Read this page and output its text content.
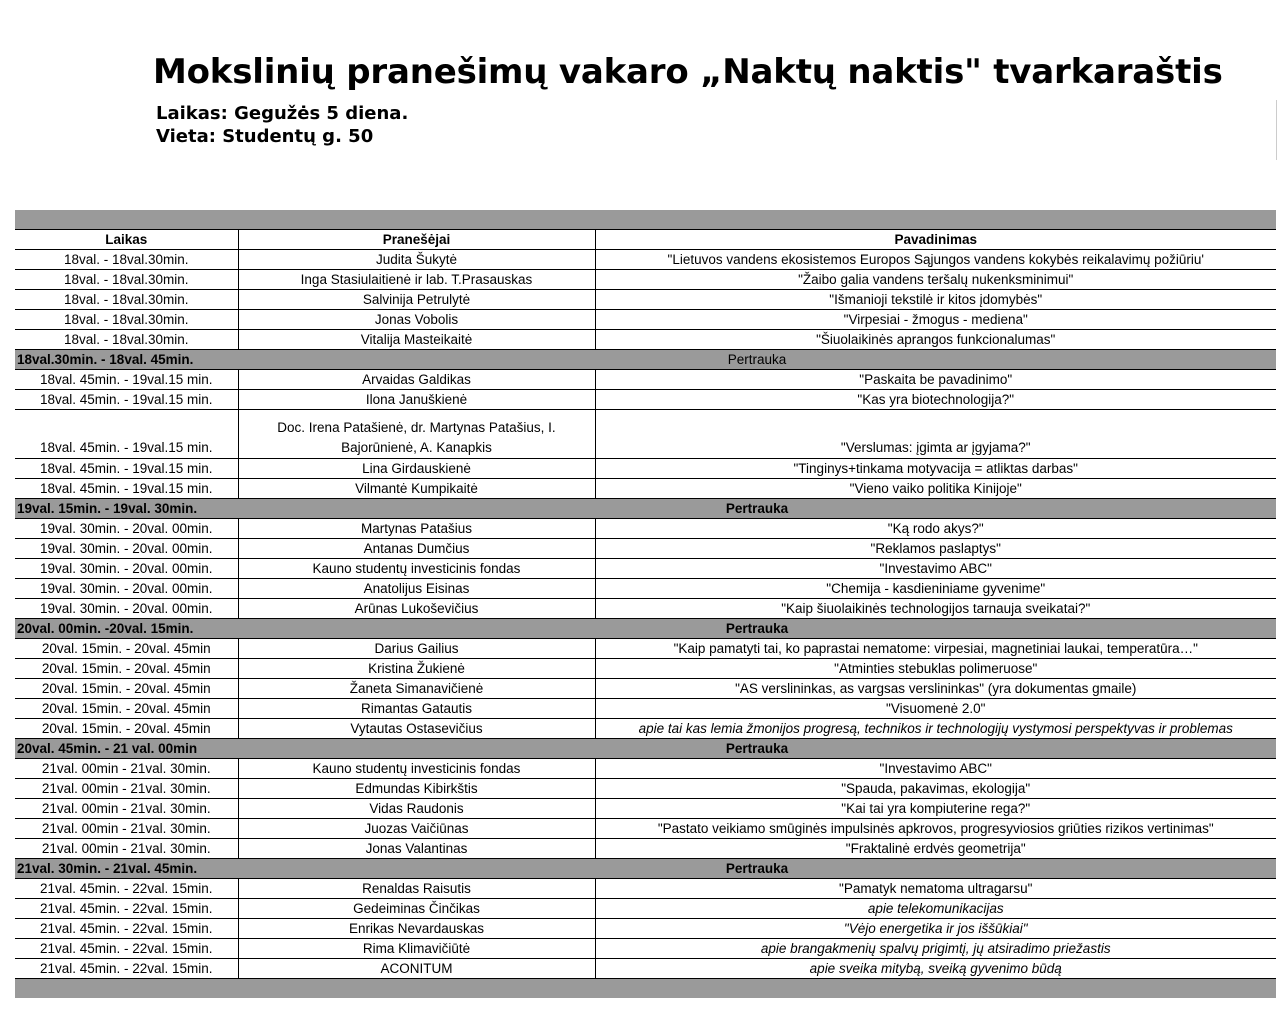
Mokslinių pranešimų vakaro „Naktų naktis" tvarkaraštis
Laikas: Gegužės 5 diena.
Vieta: Studentų g. 50
Laikas	Pranešėjai	Pavadinimas
18val. - 18val.30min.	Judita Šukytė	"Lietuvos vandens ekosistemos Europos Sąjungos vandens kokybės reikalavimų požiūriu'
18val. - 18val.30min.	Inga Stasiulaitienė ir lab. T.Prasauskas	"Žaibo galia vandens teršalų nukenksminimui"
18val. - 18val.30min.	Salvinija Petrulytė	"Išmanioji tekstilė ir kitos įdomybės"
18val. - 18val.30min.	Jonas Vobolis	"Virpesiai - žmogus - mediena"
18val. - 18val.30min.	Vitalija Masteikaitė	"Šiuolaikinės aprangos funkcionalumas"
18val.30min. - 18val. 45min.	Pertrauka	
18val. 45min. - 19val.15 min.	Arvaidas Galdikas	"Paskaita be pavadinimo"
18val. 45min. - 19val.15 min.	Ilona Januškienė	"Kas yra biotechnologija?"
18val. 45min. - 19val.15 min.	Doc. Irena Patašienė, dr. Martynas Patašius, I. Bajorūnienė, A. Kanapkis	"Verslumas: įgimta ar įgyjama?"
18val. 45min. - 19val.15 min.	Lina Girdauskienė	"Tinginys+tinkama motyvacija = atliktas darbas"
18val. 45min. - 19val.15 min.	Vilmantė Kumpikaitė	"Vieno vaiko politika Kinijoje"
19val. 15min. - 19val. 30min.	Pertrauka	
19val. 30min. - 20val. 00min.	Martynas Patašius	"Ką rodo akys?"
19val. 30min. - 20val. 00min.	Antanas Dumčius	"Reklamos paslaptys"
19val. 30min. - 20val. 00min.	Kauno studentų investicinis fondas	"Investavimo ABC"
19val. 30min. - 20val. 00min.	Anatolijus Eisinas	"Chemija - kasdieniniame gyvenime"
19val. 30min. - 20val. 00min.	Arūnas Lukoševičius	"Kaip šiuolaikinės technologijos tarnauja sveikatai?"
20val. 00min. -20val. 15min.	Pertrauka	
20val. 15min. - 20val. 45min	Darius Gailius	"Kaip pamatyti tai, ko paprastai nematome: virpesiai, magnetiniai laukai, temperatūra…"
20val. 15min. - 20val. 45min	Kristina Žukienė	"Atminties stebuklas polimeruose"
20val. 15min. - 20val. 45min	Žaneta Simanavičienė	"AS verslininkas, as vargsas verslininkas" (yra dokumentas gmaile)
20val. 15min. - 20val. 45min	Rimantas Gatautis	"Visuomenė 2.0"
20val. 15min. - 20val. 45min	Vytautas Ostasevičius	apie tai kas lemia žmonijos progresą, technikos ir technologijų vystymosi perspektyvas ir problemas
20val. 45min. - 21 val. 00min	Pertrauka	
21val. 00min - 21val. 30min.	Kauno studentų investicinis fondas	"Investavimo ABC"
21val. 00min - 21val. 30min.	Edmundas Kibirkštis	"Spauda, pakavimas, ekologija"
21val. 00min - 21val. 30min.	Vidas Raudonis	"Kai tai yra kompiuterine rega?"
21val. 00min - 21val. 30min.	Juozas Vaičiūnas	"Pastato veikiamo smūginės impulsinės apkrovos, progresyviosios griūties rizikos vertinimas"
21val. 00min - 21val. 30min.	Jonas Valantinas	"Fraktalinė erdvės geometrija"
21val. 30min. - 21val. 45min.	Pertrauka	
21val. 45min. - 22val. 15min.	Renaldas Raisutis	"Pamatyk nematoma ultragarsu"
21val. 45min. - 22val. 15min.	Gedeiminas Činčikas	apie telekomunikacijas
21val. 45min. - 22val. 15min.	Enrikas Nevardauskas	"Vėjo energetika ir jos iššūkiai"
21val. 45min. - 22val. 15min.	Rima Klimavičiūtė	apie brangakmenių spalvų prigimtį, jų atsiradimo priežastis
21val. 45min. - 22val. 15min.	ACONITUM	apie sveika mitybą, sveiką gyvenimo būdą
